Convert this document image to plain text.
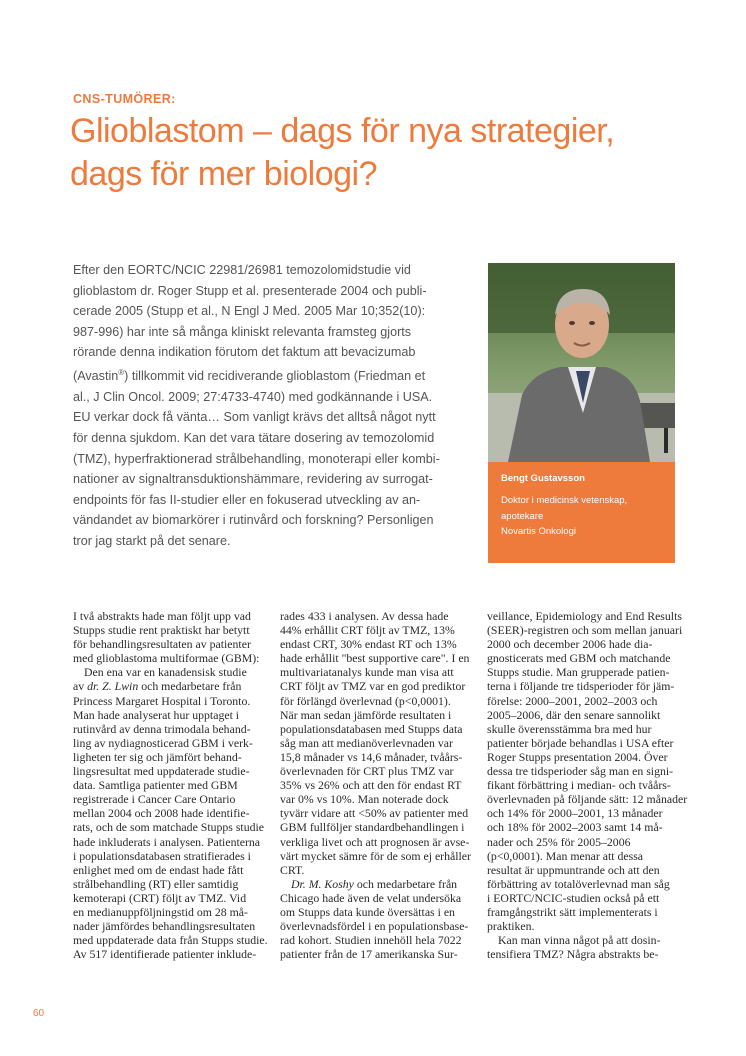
CNS-TUMÖRER:
Glioblastom – dags för nya strategier,
dags för mer biologi?
Efter den EORTC/NCIC 22981/26981 temozolomidstudie vid
glioblastom dr. Roger Stupp et al. presenterade 2004 och publi-
cerade 2005 (Stupp et al., N Engl J Med. 2005 Mar 10;352(10):
987-996) har inte så många kliniskt relevanta framsteg gjorts
rörande denna indikation förutom det faktum att bevacizumab
(Avastin®) tillkommit vid recidiverande glioblastom (Friedman et
al., J Clin Oncol. 2009; 27:4733-4740) med godkännande i USA.
EU verkar dock få vänta… Som vanligt krävs det alltså något nytt
för denna sjukdom. Kan det vara tätare dosering av temozolomid
(TMZ), hyperfraktionerad strålbehandling, monoterapi eller kombi-
nationer av signaltransduktionshämmare, revidering av surrogat-
endpoints för fas II-studier eller en fokuserad utveckling av an-
vändandet av biomarkörer i rutinvård och forskning? Personligen
tror jag starkt på det senare.
Bengt Gustavsson
Doktor i medicinsk vetenskap,
apotekare
Novartis Onkologi
I två abstrakts hade man följt upp vad
Stupps studie rent praktiskt har betytt
för behandlingsresultaten av patienter
med glioblastoma multiformae (GBM):
Den ena var en kanadensisk studie
av dr. Z. Lwin och medarbetare från
Princess Margaret Hospital i Toronto.
Man hade analyserat hur upptaget i
rutinvård av denna trimodala behand-
ling av nydiagnosticerad GBM i verk-
ligheten ter sig och jämfört behand-
lingsresultat med uppdaterade studie-
data. Samtliga patienter med GBM
registrerade i Cancer Care Ontario
mellan 2004 och 2008 hade identifie-
rats, och de som matchade Stupps studie
hade inkluderats i analysen. Patienterna
i populationsdatabasen stratifierades i
enlighet med om de endast hade fått
strålbehandling (RT) eller samtidig
kemoterapi (CRT) följt av TMZ. Vid
en medianuppföljningstid om 28 må-
nader jämfördes behandlingsresultaten
med uppdaterade data från Stupps studie.
Av 517 identifierade patienter inklude-
rades 433 i analysen. Av dessa hade
44% erhållit CRT följt av TMZ, 13%
endast CRT, 30% endast RT och 13%
hade erhållit "best supportive care". I en
multivariatanalys kunde man visa att
CRT följt av TMZ var en god prediktor
för förlängd överlevnad (p<0,0001).
När man sedan jämförde resultaten i
populationsdatabasen med Stupps data
såg man att medianöverlevnaden var
15,8 månader vs 14,6 månader, tvåårs-
överlevnaden för CRT plus TMZ var
35% vs 26% och att den för endast RT
var 0% vs 10%. Man noterade dock
tyvärr vidare att <50% av patienter med
GBM fullföljer standardbehandlingen i
verkliga livet och att prognosen är avse-
värt mycket sämre för de som ej erhåller
CRT.
Dr. M. Koshy och medarbetare från
Chicago hade även de velat undersöka
om Stupps data kunde översättas i en
överlevnadsfördel i en populationsbase-
rad kohort. Studien innehöll hela 7022
patienter från de 17 amerikanska Sur-
veillance, Epidemiology and End Results
(SEER)-registren och som mellan januari
2000 och december 2006 hade dia-
gnosticerats med GBM och matchande
Stupps studie. Man grupperade patien-
terna i följande tre tidsperioder för jäm-
förelse: 2000–2001, 2002–2003 och
2005–2006, där den senare sannolikt
skulle överensstämma bra med hur
patienter började behandlas i USA efter
Roger Stupps presentation 2004. Över
dessa tre tidsperioder såg man en signi-
fikant förbättring i median- och tvåårs-
överlevnaden på följande sätt: 12 månader
och 14% för 2000–2001, 13 månader
och 18% för 2002–2003 samt 14 må-
nader och 25% för 2005–2006
(p<0,0001). Man menar att dessa
resultat är uppmuntrande och att den
förbättring av totalöverlevnad man såg
i EORTC/NCIC-studien också på ett
framgångstrikt sätt implementerats i
praktiken.
Kan man vinna något på att dosin-
tensifiera TMZ? Några abstrakts be-
60
